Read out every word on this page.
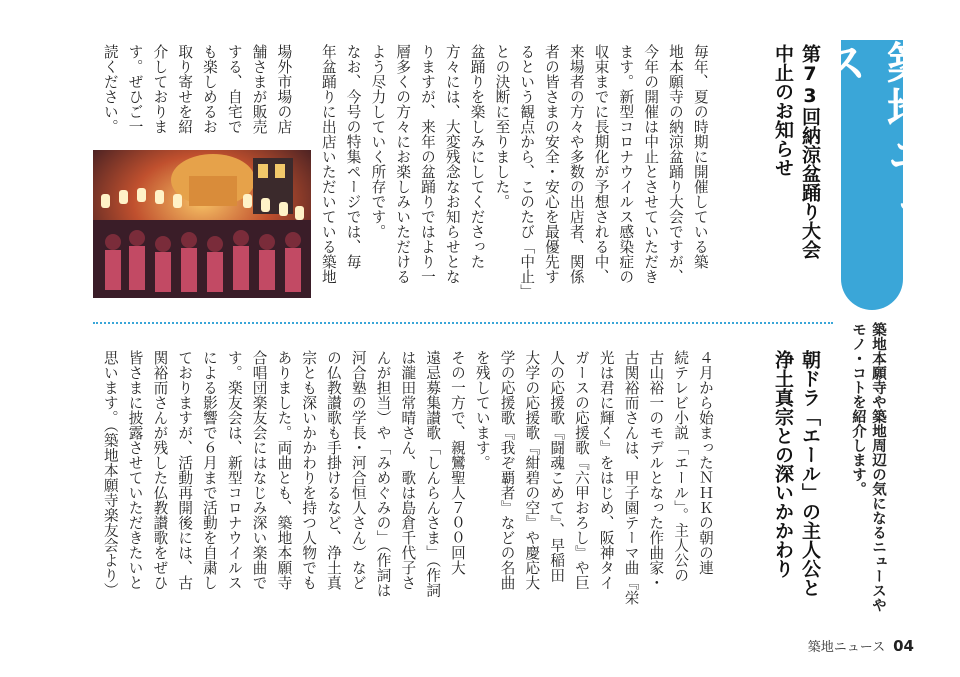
築地ニュース
築地本願寺や築地周辺の気になるニュースや
モノ・コトを紹介します。
第73回納涼盆踊り大会
中止のお知らせ
毎年、夏の時期に開催している築
地本願寺の納涼盆踊り大会ですが、
今年の開催は中止とさせていただき
ます。新型コロナウイルス感染症の
収束までに長期化が予想される中、
来場者の方々や多数の出店者、関係
者の皆さまの安全・安心を最優先す
るという観点から、このたび「中止」
との決断に至りました。
盆踊りを楽しみにしてくださった
方々には、大変残念なお知らせとな
りますが、来年の盆踊りではより一
層多くの方々にお楽しみいただける
よう尽力していく所存です。
なお、今号の特集ページでは、毎
年盆踊りに出店いただいている築地
場外市場の店
舗さまが販売
する、自宅で
も楽しめるお
取り寄せを紹
介しておりま
す。ぜひご一
読ください。
朝ドラ「エール」の主人公と
浄土真宗との深いかかわり
４月から始まったＮＨＫの朝の連
続テレビ小説「エール」。主人公の
古山裕一のモデルとなった作曲家・
古関裕而さんは、甲子園テーマ曲『栄
光は君に輝く』をはじめ、阪神タイ
ガースの応援歌『六甲おろし』や巨
人の応援歌『闘魂こめて』、早稲田
大学の応援歌『紺碧の空』や慶応大
学の応援歌『我ぞ覇者』などの名曲
を残しています。
その一方で、親鸞聖人７００回大
遠忌募集讃歌「しんらんさま」（作詞
は瀧田常晴さん、歌は島倉千代子さ
んが担当）や「みめぐみの」（作詞は
河合塾の学長・河合恒人さん）など
の仏教讃歌も手掛けるなど、浄土真
宗とも深いかかわりを持つ人物でも
ありました。両曲とも、築地本願寺
合唱団楽友会にはなじみ深い楽曲で
す。楽友会は、新型コロナウイルス
による影響で６月まで活動を自粛し
ておりますが、活動再開後には、古
関裕而さんが残した仏教讃歌をぜひ
皆さまに披露させていただきたいと
思います。（築地本願寺楽友会より）
築地ニュース 04
